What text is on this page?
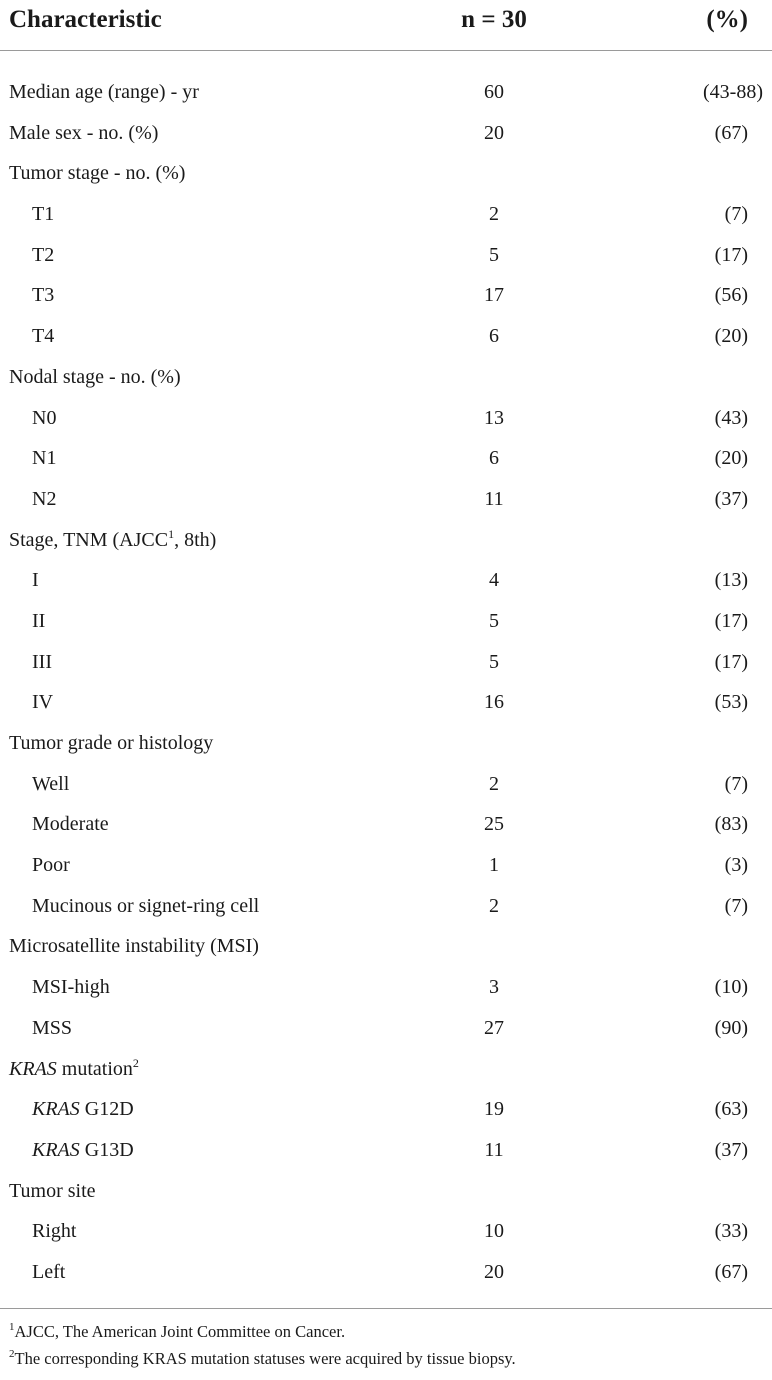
Characteristic	n = 30	(%)
Median age (range) - yr	60	(43-88)
Male sex - no. (%)	20	(67)
Tumor stage - no. (%)
T1	2	(7)
T2	5	(17)
T3	17	(56)
T4	6	(20)
Nodal stage - no. (%)
N0	13	(43)
N1	6	(20)
N2	11	(37)
Stage, TNM (AJCC$^1$, 8th)
I	4	(13)
II	5	(17)
III	5	(17)
IV	16	(53)
Tumor grade or histology
Well	2	(7)
Moderate	25	(83)
Poor	1	(3)
Mucinous or signet-ring cell	2	(7)
Microsatellite instability (MSI)
MSI-high	3	(10)
MSS	27	(90)
KRAS mutation$^2$
KRAS G12D	19	(63)
KRAS G13D	11	(37)
Tumor site
Right	10	(33)
Left	20	(67)
$^1$AJCC, The American Joint Committee on Cancer.
$^2$The corresponding KRAS mutation statuses were acquired by tissue biopsy.
